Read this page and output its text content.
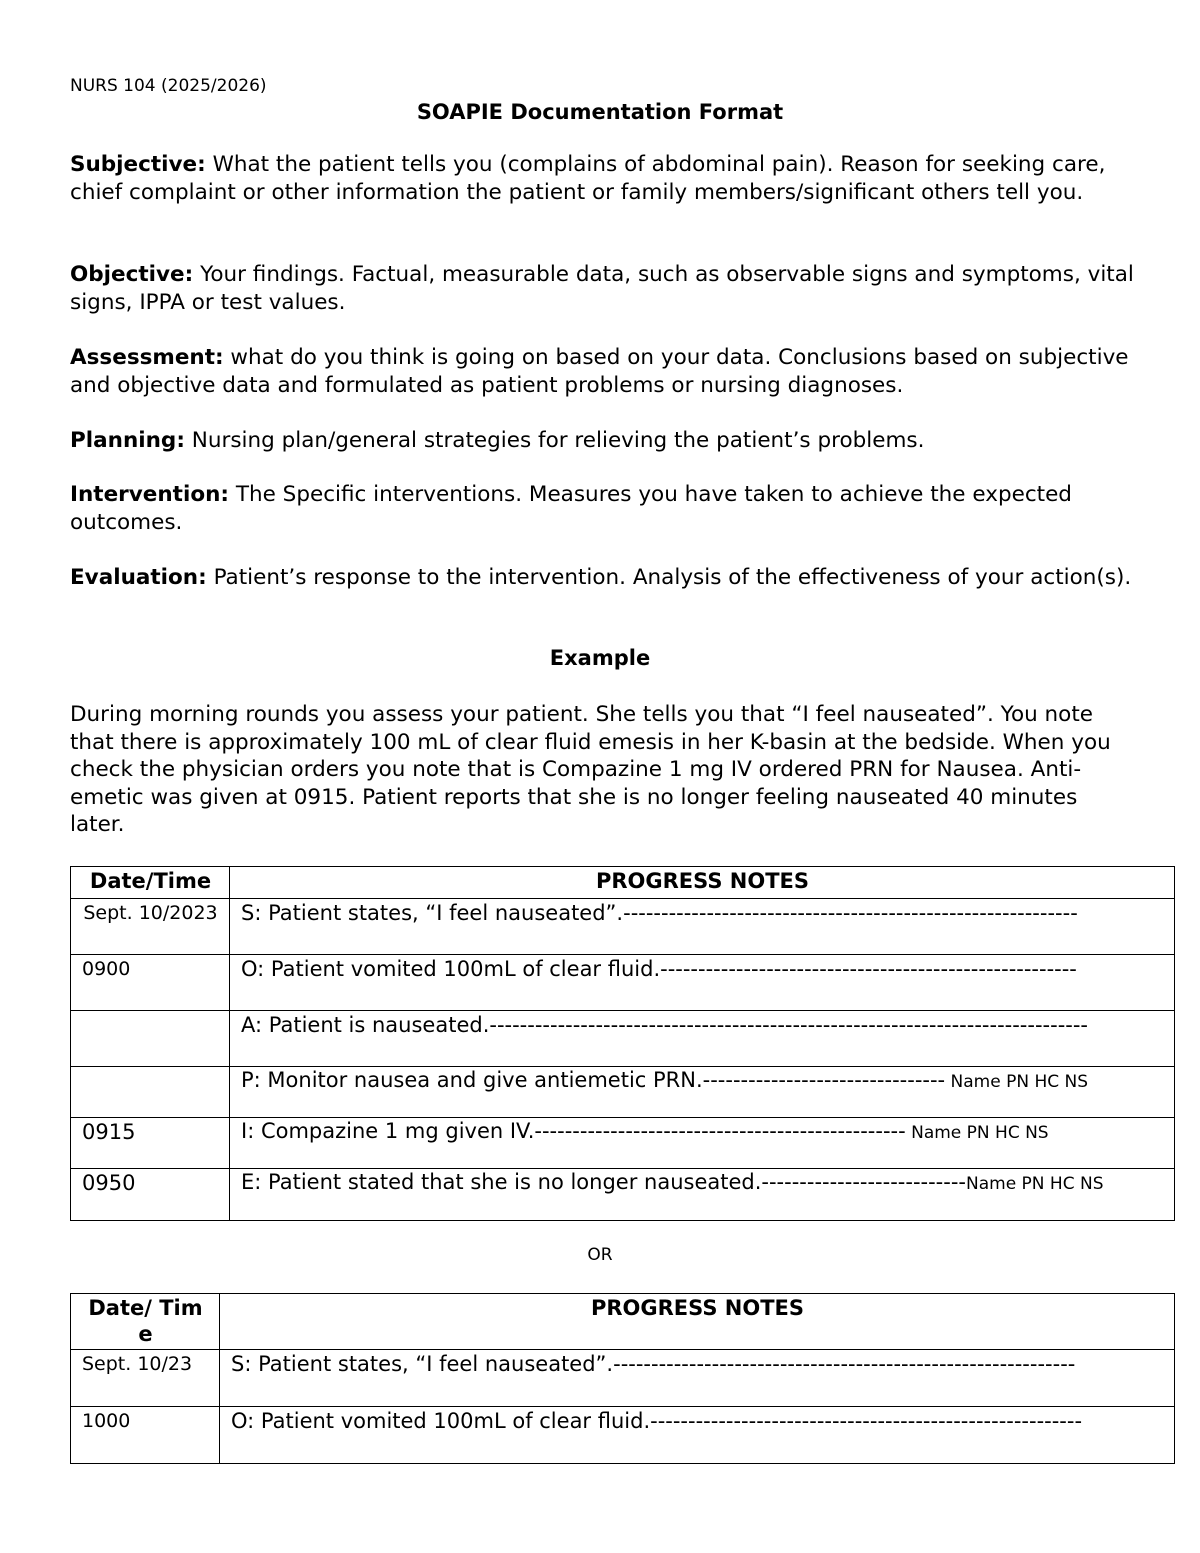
NURS 104 (2025/2026)
SOAPIE Documentation Format
Subjective: What the patient tells you (complains of abdominal pain). Reason for seeking care, chief complaint or other information the patient or family members/significant others tell you.
Objective: Your findings. Factual, measurable data, such as observable signs and symptoms, vital signs, IPPA or test values.
Assessment: what do you think is going on based on your data. Conclusions based on subjective and objective data and formulated as patient problems or nursing diagnoses.
Planning: Nursing plan/general strategies for relieving the patient’s problems.
Intervention: The Specific interventions. Measures you have taken to achieve the expected outcomes.
Evaluation: Patient’s response to the intervention. Analysis of the effectiveness of your action(s).
Example
During morning rounds you assess your patient. She tells you that “I feel nauseated”. You note that there is approximately 100 mL of clear fluid emesis in her K-basin at the bedside. When you check the physician orders you note that is Compazine 1 mg IV ordered PRN for Nausea. Anti-emetic was given at 0915. Patient reports that she is no longer feeling nauseated 40 minutes later.
Date/Time	PROGRESS NOTES
Sept. 10/2023	S: Patient states, “I feel nauseated”.------------------------------------------------------------
0900	O: Patient vomited 100mL of clear fluid.-------------------------------------------------------
	A: Patient is nauseated.-------------------------------------------------------------------------------
	P: Monitor nausea and give antiemetic PRN.-------------------------------- Name PN HC NS
0915	I: Compazine 1 mg given IV.------------------------------------------------- Name PN HC NS
0950	E: Patient stated that she is no longer nauseated.---------------------------Name PN HC NS
OR
Date/ Time	PROGRESS NOTES
Sept. 10/23	S: Patient states, “I feel nauseated”.-------------------------------------------------------------
1000	O: Patient vomited 100mL of clear fluid.---------------------------------------------------------
